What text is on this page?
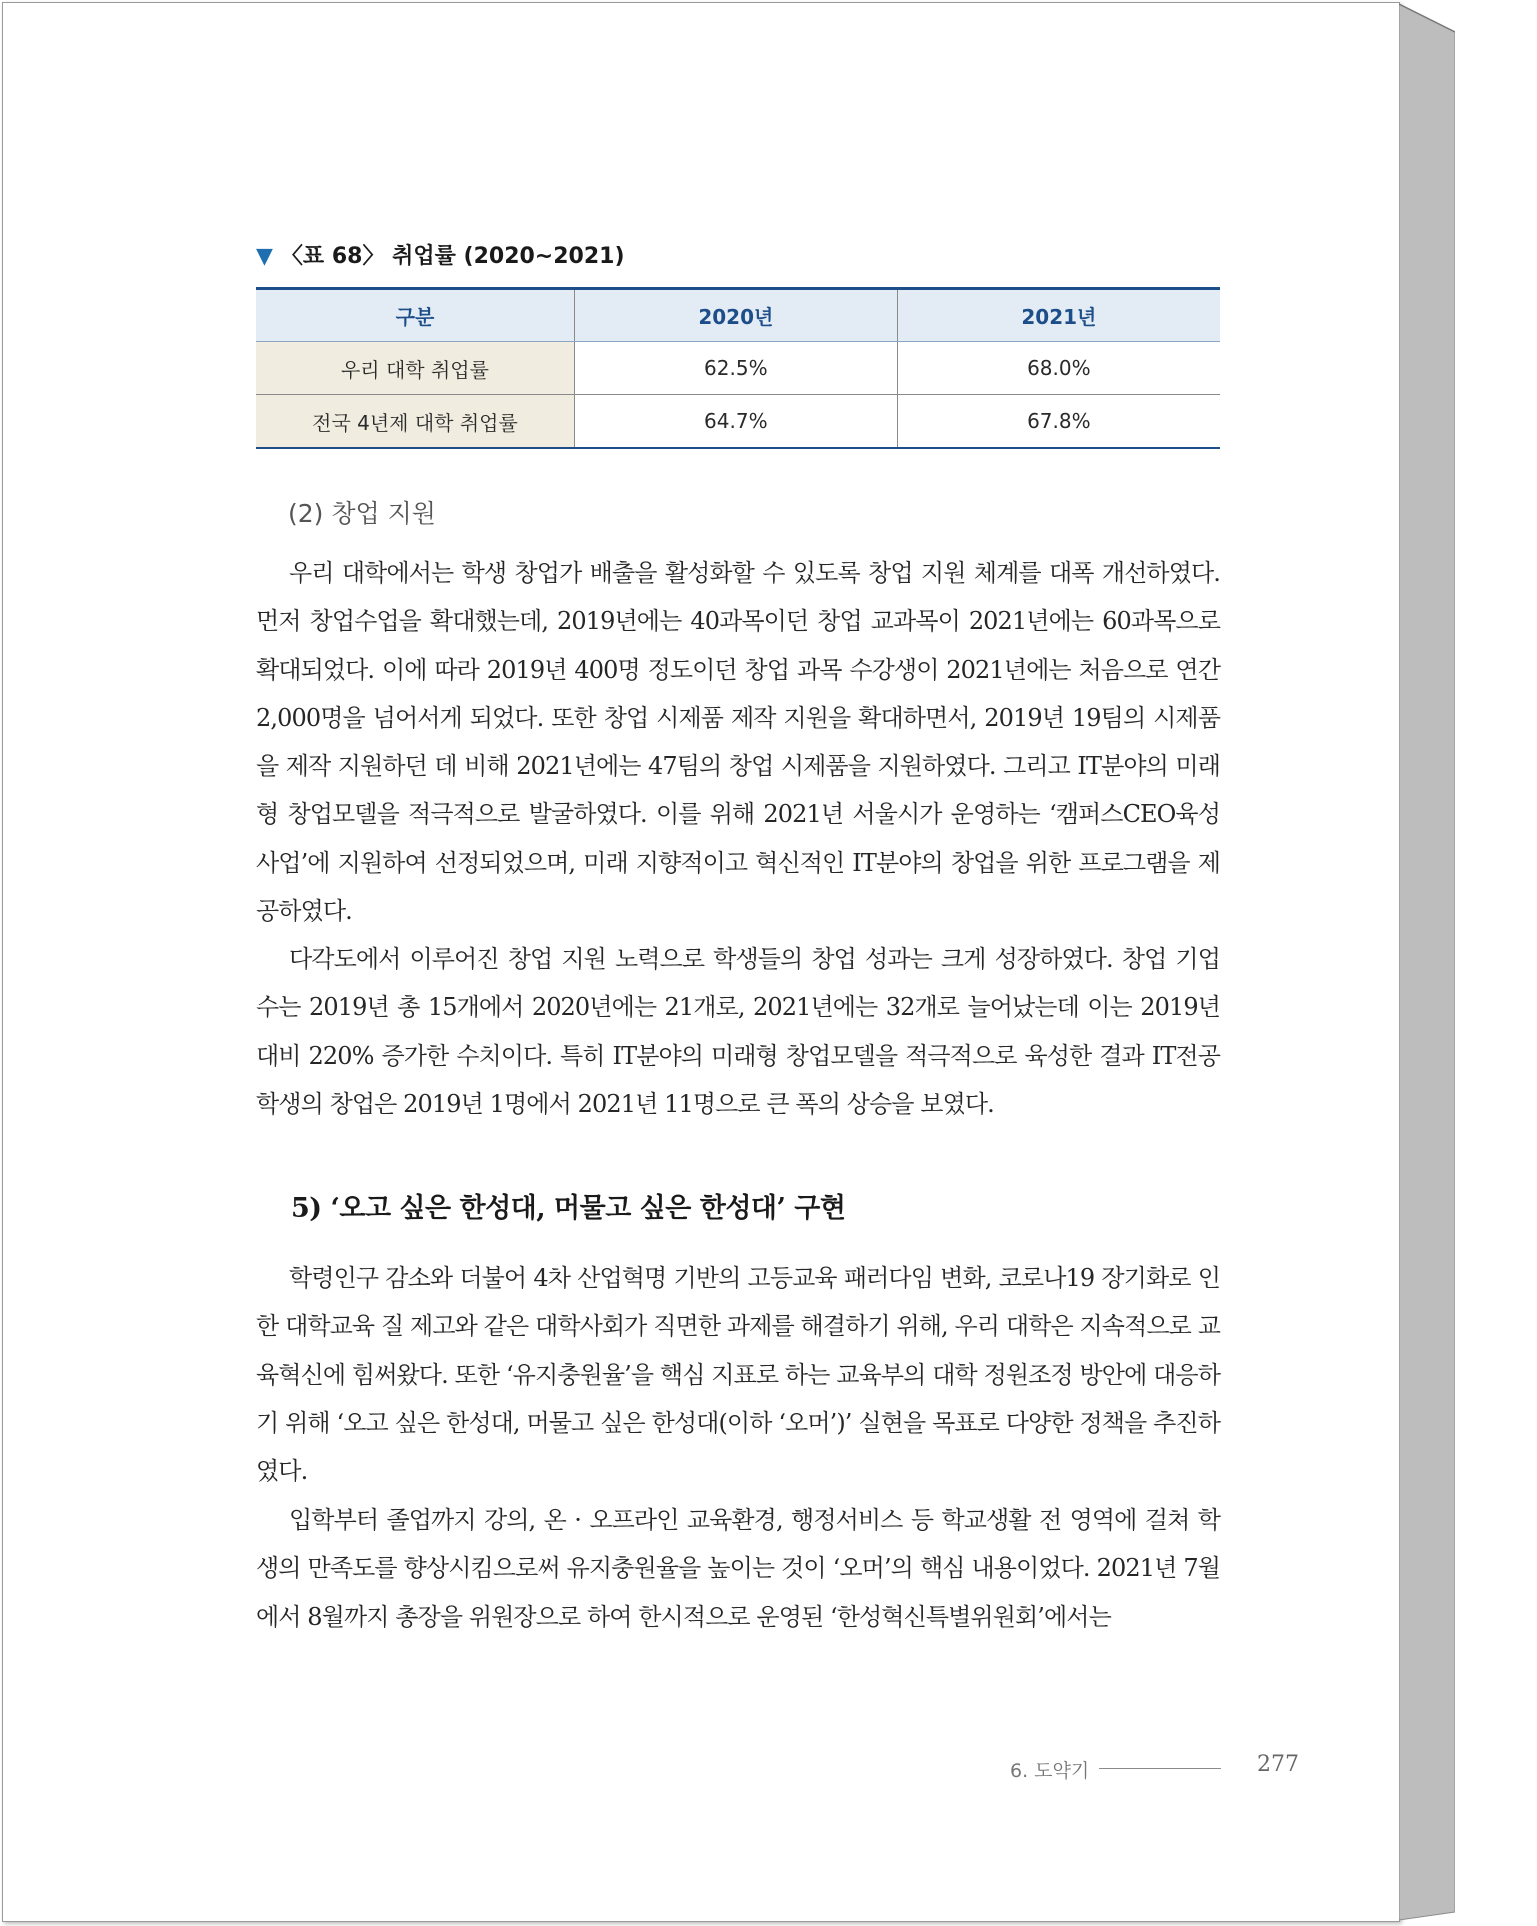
▼ 〈표 68〉 취업률 (2020~2021)
구분	2020년	2021년
우리 대학 취업률	62.5%	68.0%
전국 4년제 대학 취업률	64.7%	67.8%
(2) 창업 지원

우리 대학에서는 학생 창업가 배출을 활성화할 수 있도록 창업 지원 체계를 대폭 개선하였다. 먼저 창업수업을 확대했는데, 2019년에는 40과목이던 창업 교과목이 2021년에는 60과목으로 확대되었다. 이에 따라 2019년 400명 정도이던 창업 과목 수강생이 2021년에는 처음으로 연간 2,000명을 넘어서게 되었다. 또한 창업 시제품 제작 지원을 확대하면서, 2019년 19팀의 시제품을 제작 지원하던 데 비해 2021년에는 47팀의 창업 시제품을 지원하였다. 그리고 IT분야의 미래형 창업모델을 적극적으로 발굴하였다. 이를 위해 2021년 서울시가 운영하는 ‘캠퍼스CEO육성사업’에 지원하여 선정되었으며, 미래 지향적이고 혁신적인 IT분야의 창업을 위한 프로그램을 제공하였다.

다각도에서 이루어진 창업 지원 노력으로 학생들의 창업 성과는 크게 성장하였다. 창업 기업 수는 2019년 총 15개에서 2020년에는 21개로, 2021년에는 32개로 늘어났는데 이는 2019년 대비 220% 증가한 수치이다. 특히 IT분야의 미래형 창업모델을 적극적으로 육성한 결과 IT전공 학생의 창업은 2019년 1명에서 2021년 11명으로 큰 폭의 상승을 보였다.

5) ‘오고 싶은 한성대, 머물고 싶은 한성대’ 구현

학령인구 감소와 더불어 4차 산업혁명 기반의 고등교육 패러다임 변화, 코로나19 장기화로 인한 대학교육 질 제고와 같은 대학사회가 직면한 과제를 해결하기 위해, 우리 대학은 지속적으로 교육혁신에 힘써왔다. 또한 ‘유지충원율’을 핵심 지표로 하는 교육부의 대학 정원조정 방안에 대응하기 위해 ‘오고 싶은 한성대, 머물고 싶은 한성대(이하 ‘오머’)’ 실현을 목표로 다양한 정책을 추진하였다.

입학부터 졸업까지 강의, 온 · 오프라인 교육환경, 행정서비스 등 학교생활 전 영역에 걸쳐 학생의 만족도를 향상시킴으로써 유지충원율을 높이는 것이 ‘오머’의 핵심 내용이었다. 2021년 7월에서 8월까지 총장을 위원장으로 하여 한시적으로 운영된 ‘한성혁신특별위원회’에서는

6. 도약기	277
